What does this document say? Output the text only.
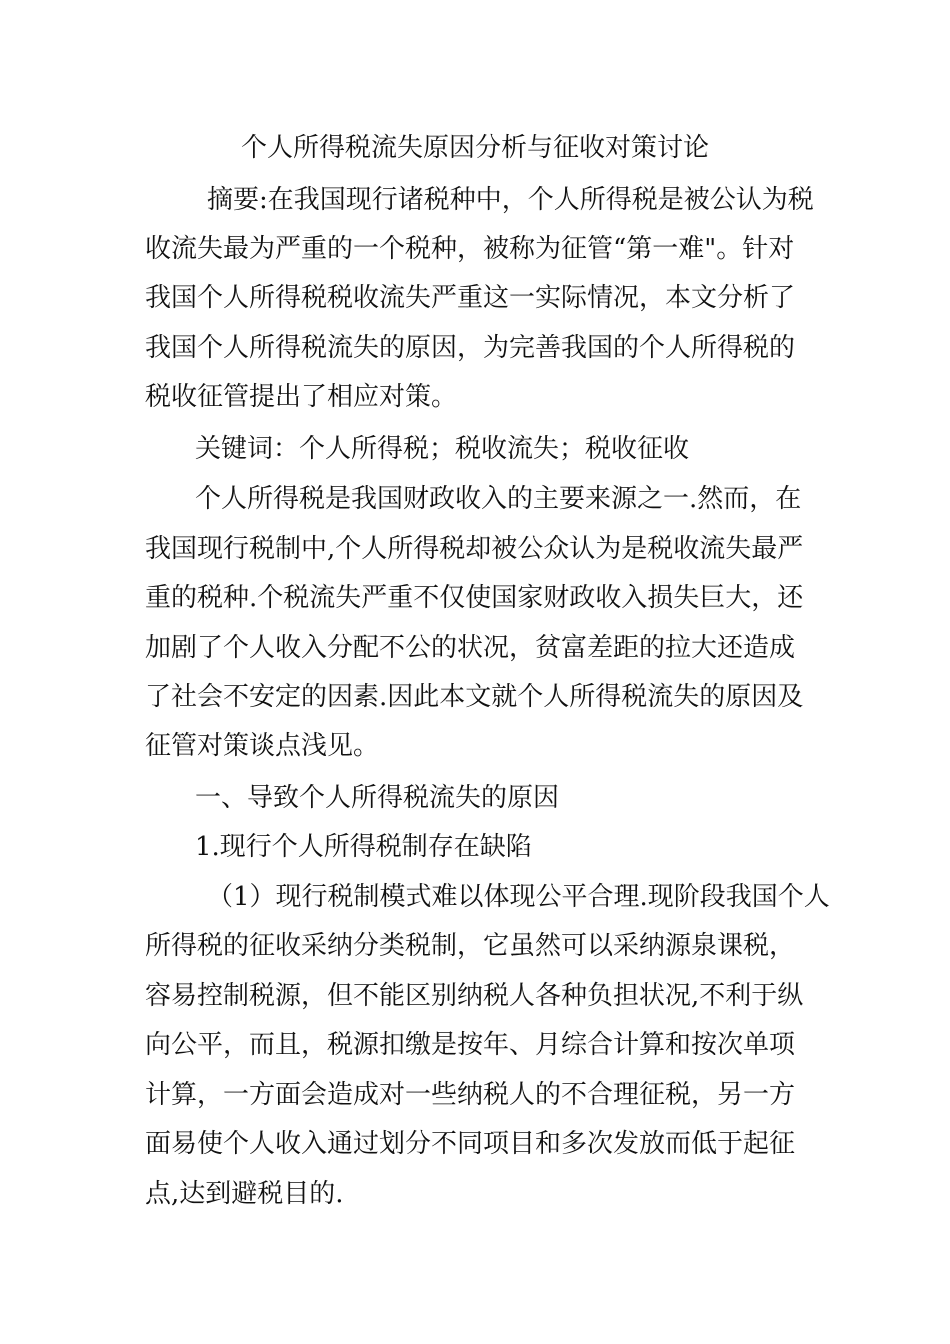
个人所得税流失原因分析与征收对策讨论
摘要:在我国现行诸税种中，个人所得税是被公认为税
收流失最为严重的一个税种，被称为征管“第一难"。针对
我国个人所得税税收流失严重这一实际情况，本文分析了
我国个人所得税流失的原因，为完善我国的个人所得税的
税收征管提出了相应对策。
关键词：个人所得税；税收流失；税收征收
个人所得税是我国财政收入的主要来源之一.然而，在
我国现行税制中,个人所得税却被公众认为是税收流失最严
重的税种.个税流失严重不仅使国家财政收入损失巨大，还
加剧了个人收入分配不公的状况，贫富差距的拉大还造成
了社会不安定的因素.因此本文就个人所得税流失的原因及
征管对策谈点浅见。
一、导致个人所得税流失的原因
1.现行个人所得税制存在缺陷
（1）现行税制模式难以体现公平合理.现阶段我国个人
所得税的征收采纳分类税制，它虽然可以采纳源泉课税，
容易控制税源，但不能区别纳税人各种负担状况,不利于纵
向公平，而且，税源扣缴是按年、月综合计算和按次单项
计算，一方面会造成对一些纳税人的不合理征税，另一方
面易使个人收入通过划分不同项目和多次发放而低于起征
点,达到避税目的.
